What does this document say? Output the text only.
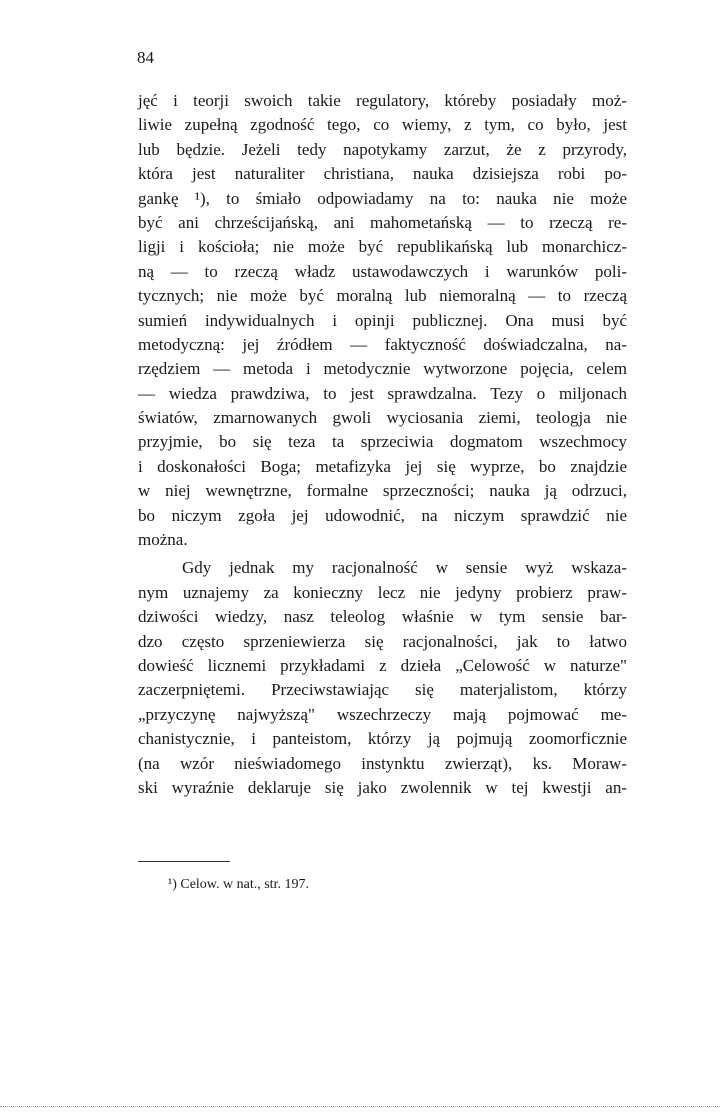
84
jęć i teorji swoich takie regulatory, któreby posiadały moż-
liwie zupełną zgodność tego, co wiemy, z tym, co było, jest
lub będzie. Jeżeli tedy napotykamy zarzut, że z przyrody,
która jest naturaliter christiana, nauka dzisiejsza robi po-
gankę ¹), to śmiało odpowiadamy na to: nauka nie może
być ani chrześcijańską, ani mahometańską — to rzeczą re-
ligji i kościoła; nie może być republikańską lub monarchicz-
ną — to rzeczą władz ustawodawczych i warunków poli-
tycznych; nie może być moralną lub niemoralną — to rzeczą
sumień indywidualnych i opinji publicznej. Ona musi być
metodyczną: jej źródłem — faktyczność doświadczalna, na-
rzędziem — metoda i metodycznie wytworzone pojęcia, celem
— wiedza prawdziwa, to jest sprawdzalna. Tezy o miljonach
światów, zmarnowanych gwoli wyciosania ziemi, teologja nie
przyjmie, bo się teza ta sprzeciwia dogmatom wszechmocy
i doskonałości Boga; metafizyka jej się wyprze, bo znajdzie
w niej wewnętrzne, formalne sprzeczności; nauka ją odrzuci,
bo niczym zgoła jej udowodnić, na niczym sprawdzić nie
można.
Gdy jednak my racjonalność w sensie wyż wskaza-
nym uznajemy za konieczny lecz nie jedyny probierz praw-
dziwości wiedzy, nasz teleolog właśnie w tym sensie bar-
dzo często sprzeniewierza się racjonalności, jak to łatwo
dowieść licznemi przykładami z dzieła „Celowość w naturze"
zaczerpniętemi. Przeciwstawiając się materjalistom, którzy
„przyczynę najwyższą" wszechrzeczy mają pojmować me-
chanistycznie, i panteistom, którzy ją pojmują zoomorficznie
(na wzór nieświadomego instynktu zwierząt), ks. Moraw-
ski wyraźnie deklaruje się jako zwolennik w tej kwestji an-
¹) Celow. w nat., str. 197.
